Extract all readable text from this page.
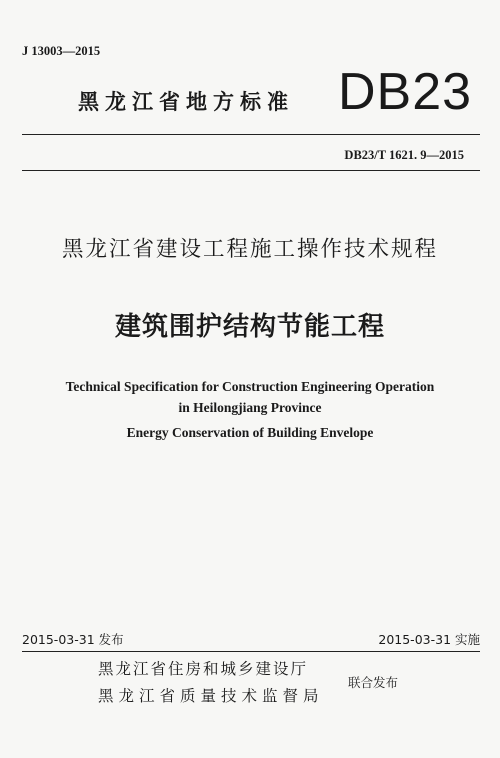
J 13003—2015
黑龙江省地方标准 DB23
DB23/T 1621. 9—2015
黑龙江省建设工程施工操作技术规程
建筑围护结构节能工程
Technical Specification for Construction Engineering Operation
in Heilongjiang Province
Energy Conservation of Building Envelope
2015-03-31 发布	2015-03-31 实施
黑龙江省住房和城乡建设厅
黑龙江省质量技术监督局
联合发布
